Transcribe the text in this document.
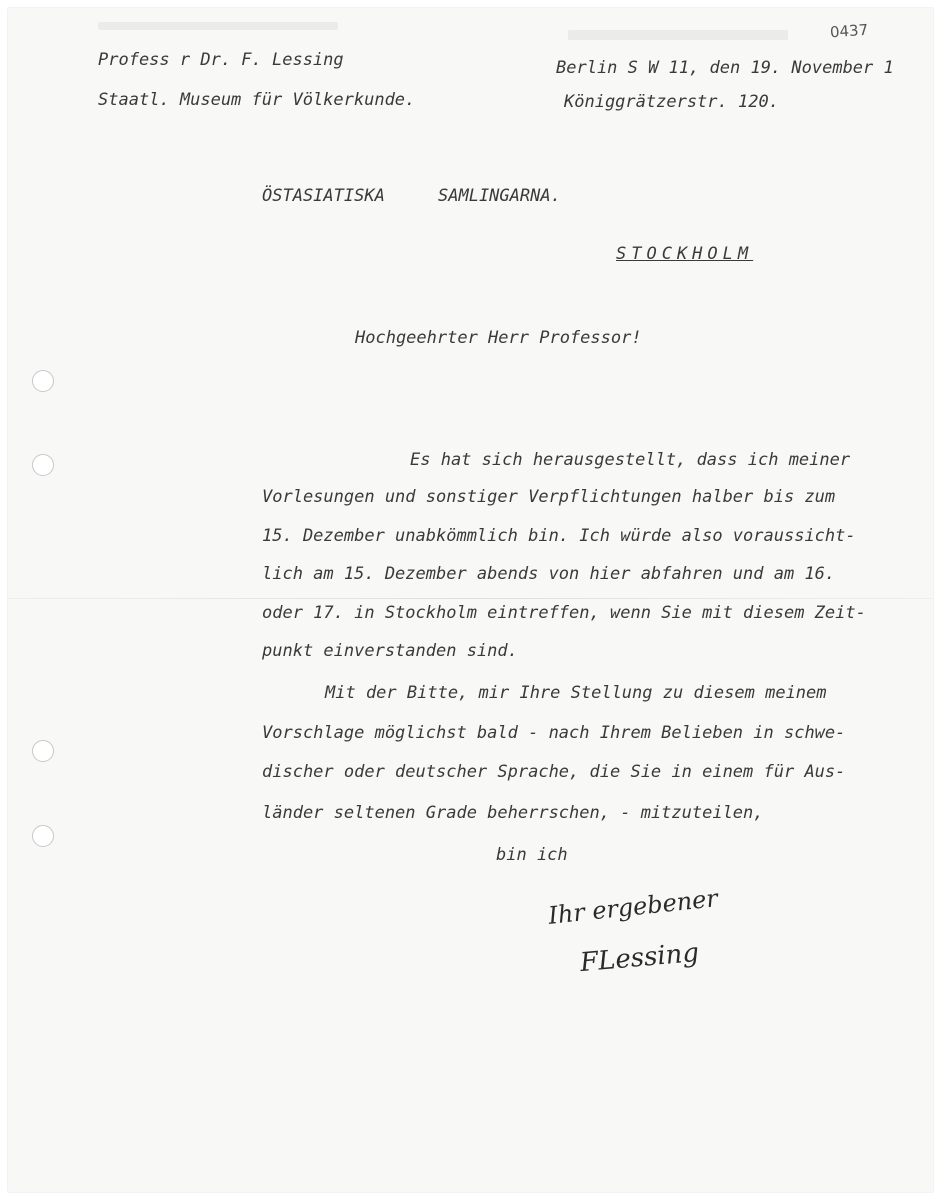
0437
Profess r Dr. F. Lessing
Staatl. Museum für Völkerkunde.
Berlin S W 11, den 19. November 1
Königgrätzerstr. 120.
ÖSTASIATISKA	SAMLINGARNA.
STOCKHOLM
Hochgeehrter Herr Professor!
Es hat sich herausgestellt, dass ich meiner
Vorlesungen und sonstiger Verpflichtungen halber bis zum
15. Dezember unabkömmlich bin. Ich würde also voraussicht-
lich am 15. Dezember abends von hier abfahren und am 16.
oder 17. in Stockholm eintreffen, wenn Sie mit diesem Zeit-
punkt einverstanden sind.
Mit der Bitte, mir Ihre Stellung zu diesem meinem
Vorschlage möglichst bald - nach Ihrem Belieben in schwe-
discher oder deutscher Sprache, die Sie in einem für Aus-
länder seltenen Grade beherrschen, - mitzuteilen,
bin ich
Ihr ergebener
FLessing
